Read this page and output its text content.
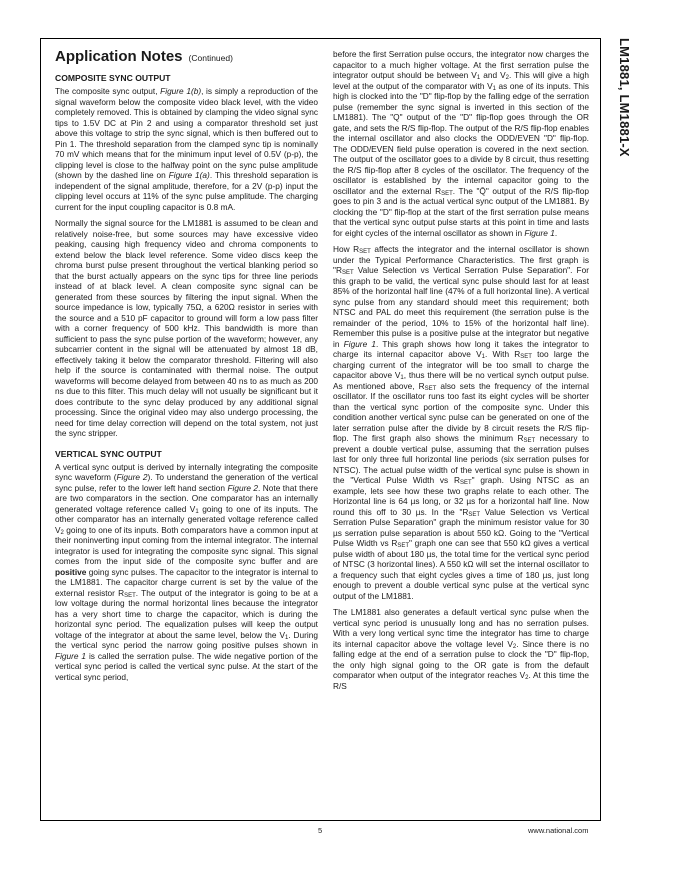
LM1881, LM1881-X
Application Notes (Continued)
COMPOSITE SYNC OUTPUT

The composite sync output, Figure 1(b), is simply a reproduction of the signal waveform below the composite video black level, with the video completely removed. This is obtained by clamping the video signal sync tips to 1.5V DC at Pin 2 and using a comparator threshold set just above this voltage to strip the sync signal, which is then buffered out to Pin 1. The threshold separation from the clamped sync tip is nominally 70 mV which means that for the minimum input level of 0.5V (p-p), the clipping level is close to the halfway point on the sync pulse amplitude (shown by the dashed line on Figure 1(a). This threshold separation is independent of the signal amplitude, therefore, for a 2V (p-p) input the clipping level occurs at 11% of the sync pulse amplitude. The charging current for the input coupling capacitor is 0.8 mA.

Normally the signal source for the LM1881 is assumed to be clean and relatively noise-free, but some sources may have excessive video peaking, causing high frequency video and chroma components to extend below the black level reference. Some video discs keep the chroma burst pulse present throughout the vertical blanking period so that the burst actually appears on the sync tips for three line periods instead of at black level. A clean composite sync signal can be generated from these sources by filtering the input signal. When the source impedance is low, typically 75Ω, a 620Ω resistor in series with the source and a 510 pF capacitor to ground will form a low pass filter with a corner frequency of 500 kHz. This bandwidth is more than sufficient to pass the sync pulse portion of the waveform; however, any subcarrier content in the signal will be attenuated by almost 18 dB, effectively taking it below the comparator threshold. Filtering will also help if the source is contaminated with thermal noise. The output waveforms will become delayed from between 40 ns to as much as 200 ns due to this filter. This much delay will not usually be significant but it does contribute to the sync delay produced by any additional signal processing. Since the original video may also undergo processing, the need for time delay correction will depend on the total system, not just the sync stripper.

VERTICAL SYNC OUTPUT

A vertical sync output is derived by internally integrating the composite sync waveform (Figure 2). To understand the generation of the vertical sync pulse, refer to the lower left hand section Figure 2. Note that there are two comparators in the section. One comparator has an internally generated voltage reference called $V_1$ going to one of its inputs. The other comparator has an internally generated voltage reference called $V_2$ going to one of its inputs. Both comparators have a common input at their noninverting input coming from the internal integrator. The internal integrator is used for integrating the composite sync signal. This signal comes from the input side of the composite sync buffer and are positive going sync pulses. The capacitor to the integrator is internal to the LM1881. The capacitor charge current is set by the value of the external resistor $R_{SET}$. The output of the integrator is going to be at a low voltage during the normal horizontal lines because the integrator has a very short time to charge the capacitor, which is during the horizontal sync period. The equalization pulses will keep the output voltage of the integrator at about the same level, below the $V_1$. During the vertical sync period the narrow going positive pulses shown in Figure 1 is called the serration pulse. The wide negative portion of the vertical sync period is called the vertical sync pulse. At the start of the vertical sync period,

before the first Serration pulse occurs, the integrator now charges the capacitor to a much higher voltage. At the first serration pulse the integrator output should be between $V_1$ and $V_2$. This will give a high level at the output of the comparator with $V_1$ as one of its inputs. This high is clocked into the "D" flip-flop by the falling edge of the serration pulse (remember the sync signal is inverted in this section of the LM1881). The "Q" output of the "D" flip-flop goes through the OR gate, and sets the R/S flip-flop. The output of the R/S flip-flop enables the internal oscillator and also clocks the ODD/EVEN "D" flip-flop. The ODD/EVEN field pulse operation is covered in the next section. The output of the oscillator goes to a divide by 8 circuit, thus resetting the R/S flip-flop after 8 cycles of the oscillator. The frequency of the oscillator is established by the internal capacitor going to the oscillator and the external $R_{SET}$. The "Q̄" output of the R/S flip-flop goes to pin 3 and is the actual vertical sync output of the LM1881. By clocking the "D" flip-flop at the start of the first serration pulse means that the vertical sync output pulse starts at this point in time and lasts for eight cycles of the internal oscillator as shown in Figure 1.

How $R_{SET}$ affects the integrator and the internal oscillator is shown under the Typical Performance Characteristics. The first graph is "$R_{SET}$ Value Selection vs Vertical Serration Pulse Separation". For this graph to be valid, the vertical sync pulse should last for at least 85% of the horizontal half line (47% of a full horizontal line). A vertical sync pulse from any standard should meet this requirement; both NTSC and PAL do meet this requirement (the serration pulse is the remainder of the period, 10% to 15% of the horizontal half line). Remember this pulse is a positive pulse at the integrator but negative in Figure 1. This graph shows how long it takes the integrator to charge its internal capacitor above $V_1$. With $R_{SET}$ too large the charging current of the integrator will be too small to charge the capacitor above $V_1$, thus there will be no vertical synch output pulse. As mentioned above, $R_{SET}$ also sets the frequency of the internal oscillator. If the oscillator runs too fast its eight cycles will be shorter than the vertical sync portion of the composite sync. Under this condition another vertical sync pulse can be generated on one of the later serration pulse after the divide by 8 circuit resets the R/S flip-flop. The first graph also shows the minimum $R_{SET}$ necessary to prevent a double vertical pulse, assuming that the serration pulses last for only three full horizontal line periods (six serration pulses for NTSC). The actual pulse width of the vertical sync pulse is shown in the "Vertical Pulse Width vs $R_{SET}$" graph. Using NTSC as an example, lets see how these two graphs relate to each other. The Horizontal line is 64 µs long, or 32 µs for a horizontal half line. Now round this off to 30 µs. In the "$R_{SET}$ Value Selection vs Vertical Serration Pulse Separation" graph the minimum resistor value for 30 µs serration pulse separation is about 550 kΩ. Going to the "Vertical Pulse Width vs $R_{SET}$" graph one can see that 550 kΩ gives a vertical pulse width of about 180 µs, the total time for the vertical sync period of NTSC (3 horizontal lines). A 550 kΩ will set the internal oscillator to a frequency such that eight cycles gives a time of 180 µs, just long enough to prevent a double vertical sync pulse at the vertical sync output of the LM1881.

The LM1881 also generates a default vertical sync pulse when the vertical sync period is unusually long and has no serration pulses. With a very long vertical sync time the integrator has time to charge its internal capacitor above the voltage level $V_2$. Since there is no falling edge at the end of a serration pulse to clock the "D" flip-flop, the only high signal going to the OR gate is from the default comparator when output of the integrator reaches $V_2$. At this time the R/S

5	www.national.com
